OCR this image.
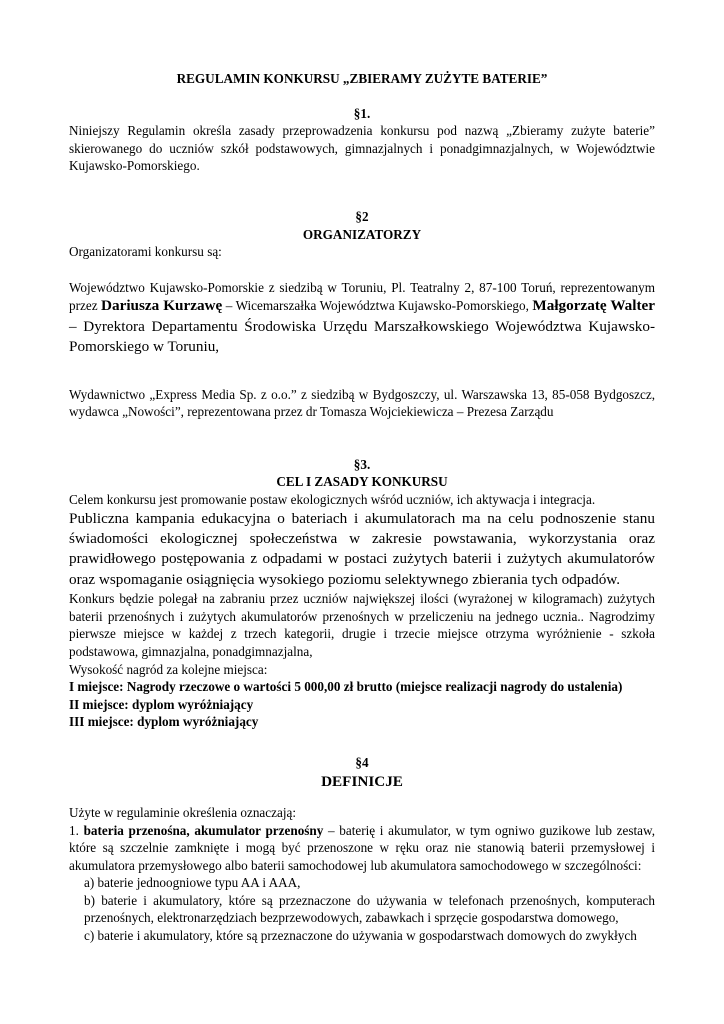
REGULAMIN KONKURSU „ZBIERAMY ZUŻYTE BATERIE”

§1.

Niniejszy Regulamin określa zasady przeprowadzenia konkursu pod nazwą „Zbieramy zużyte baterie” skierowanego do uczniów szkół podstawowych, gimnazjalnych i ponadgimnazjalnych, w Województwie Kujawsko-Pomorskiego.

§2

ORGANIZATORZY

Organizatorami konkursu są:

Województwo Kujawsko-Pomorskie z siedzibą w Toruniu, Pl. Teatralny 2, 87-100 Toruń, reprezentowanym przez Dariusza Kurzawę – Wicemarszałka Województwa Kujawsko-Pomorskiego, Małgorzatę Walter – Dyrektora Departamentu Środowiska Urzędu Marszałkowskiego Województwa Kujawsko-Pomorskiego w Toruniu,

Wydawnictwo „Express Media Sp. z o.o.” z siedzibą w Bydgoszczy, ul. Warszawska 13, 85-058 Bydgoszcz, wydawca „Nowości”, reprezentowana przez dr Tomasza Wojciekiewicza – Prezesa Zarządu

§3.

CEL I ZASADY KONKURSU

Celem konkursu jest promowanie postaw ekologicznych wśród uczniów, ich aktywacja i integracja.

Publiczna kampania edukacyjna o bateriach i akumulatorach ma na celu podnoszenie stanu świadomości ekologicznej społeczeństwa w zakresie powstawania, wykorzystania oraz prawidłowego postępowania z odpadami w postaci zużytych baterii i zużytych akumulatorów oraz wspomaganie osiągnięcia wysokiego poziomu selektywnego zbierania tych odpadów.

Konkurs będzie polegał na zabraniu przez uczniów największej ilości (wyrażonej w kilogramach) zużytych baterii przenośnych i zużytych akumulatorów przenośnych w przeliczeniu na jednego ucznia.. Nagrodzimy pierwsze miejsce w każdej z trzech kategorii, drugie i trzecie miejsce otrzyma wyróżnienie - szkoła podstawowa, gimnazjalna, ponadgimnazjalna,

Wysokość nagród za kolejne miejsca:

I miejsce: Nagrody rzeczowe o wartości 5 000,00 zł brutto (miejsce realizacji nagrody do ustalenia)

II miejsce: dyplom wyróżniający

III miejsce: dyplom wyróżniający

§4

DEFINICJE

Użyte w regulaminie określenia oznaczają:

1. bateria przenośna, akumulator przenośny – baterię i akumulator, w tym ogniwo guzikowe lub zestaw, które są szczelnie zamknięte i mogą być przenoszone w ręku oraz nie stanowią baterii przemysłowej i akumulatora przemysłowego albo baterii samochodowej lub akumulatora samochodowego w szczególności:

a) baterie jednoogniowe typu AA i AAA,

b) baterie i akumulatory, które są przeznaczone do używania w telefonach przenośnych, komputerach przenośnych, elektronarzędziach bezprzewodowych, zabawkach i sprzęcie gospodarstwa domowego,

c) baterie i akumulatory, które są przeznaczone do używania w gospodarstwach domowych do zwykłych
